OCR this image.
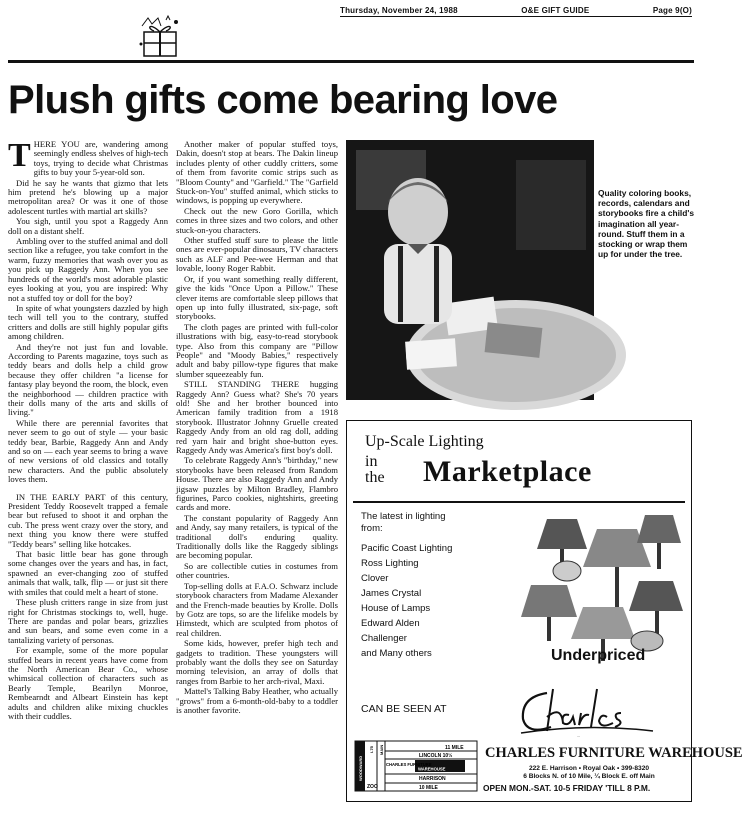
Thursday, November 24, 1988	O&E GIFT GUIDE	Page 9(O)
Plush gifts come bearing love
T HERE YOU are, wandering among seemingly endless shelves of high-tech toys, trying to decide what Christmas gifts to buy your 5-year-old son.

Did he say he wants that gizmo that lets him pretend he's blowing up a major metropolitan area? Or was it one of those adolescent turtles with martial art skills?

You sigh, until you spot a Raggedy Ann doll on a distant shelf.

Ambling over to the stuffed animal and doll section like a refugee, you take comfort in the warm, fuzzy memories that wash over you as you pick up Raggedy Ann. When you see hundreds of the world's most adorable plastic eyes looking at you, you are inspired: Why not a stuffed toy or doll for the boy?

In spite of what youngsters dazzled by high tech will tell you to the contrary, stuffed critters and dolls are still highly popular gifts among children.

And they're not just fun and lovable. According to Parents magazine, toys such as teddy bears and dolls help a child grow because they offer children "a license for fantasy play beyond the room, the block, even the neighborhood — children practice with their dolls many of the arts and skills of living."

While there are perennial favorites that never seem to go out of style — your basic teddy bear, Barbie, Raggedy Ann and Andy and so on — each year seems to bring a wave of new versions of old classics and totally new characters. And the public absolutely loves them.

IN THE EARLY PART of this century, President Teddy Roosevelt trapped a female bear but refused to shoot it and orphan the cub. The press went crazy over the story, and next thing you know there were stuffed "Teddy bears" selling like hotcakes.

That basic little bear has gone through some changes over the years and has, in fact, spawned an ever-changing zoo of stuffed animals that walk, talk, flip — or just sit there with smiles that could melt a heart of stone.

These plush critters range in size from just right for Christmas stockings to, well, huge. There are pandas and polar bears, grizzlies and sun bears, and some even come in a tantalizing variety of personas.

For example, some of the more popular stuffed bears in recent years have come from the North American Bear Co., whose whimsical collection of characters such as Bearly Temple, Bearilyn Monroe, Rembearndt and Albeart Einstein has kept adults and children alike mixing chuckles with their cuddles.

Another maker of popular stuffed toys, Dakin, doesn't stop at bears. The Dakin lineup includes plenty of other cuddly critters, some of them from favorite comic strips such as "Bloom County" and "Garfield." The "Garfield Stuck-on-You" stuffed animal, which sticks to windows, is popping up everywhere.

Check out the new Goro Gorilla, which comes in three sizes and two colors, and other stuck-on-you characters.

Other stuffed stuff sure to please the little ones are ever-popular dinosaurs, TV characters such as ALF and Pee-wee Herman and that lovable, loony Roger Rabbit.

Or, if you want something really different, give the kids "Once Upon a Pillow." These clever items are comfortable sleep pillows that open up into fully illustrated, six-page, soft storybooks.

The cloth pages are printed with full-color illustrations with big, easy-to-read storybook type. Also from this company are "Pillow People" and "Moody Babies," respectively adult and baby pillow-type figures that make slumber squeezeably fun.

STILL STANDING THERE hugging Raggedy Ann? Guess what? She's 70 years old! She and her brother bounced into American family tradition from a 1918 storybook. Illustrator Johnny Gruelle created Raggedy Andy from an old rag doll, adding red yarn hair and bright shoe-button eyes. Raggedy Andy was America's first boy's doll.

To celebrate Raggedy Ann's "birthday," new storybooks have been released from Random House. There are also Raggedy Ann and Andy jigsaw puzzles by Milton Bradley, Flambro figurines, Parco cookies, nightshirts, greeting cards and more.

The constant popularity of Raggedy Ann and Andy, say many retailers, is typical of the traditional doll's enduring quality. Traditionally dolls like the Raggedy siblings are becoming popular.

So are collectible cuties in costumes from other countries.

Top-selling dolls at F.A.O. Schwarz include storybook characters from Madame Alexander and the French-made beauties by Krolle. Dolls by Gotz are tops, so are the lifelike models by Himstedt, which are sculpted from photos of real children.

Some kids, however, prefer high tech and gadgets to tradition. These youngsters will probably want the dolls they see on Saturday morning television, an array of dolls that ranges from Barbie to her arch-rival, Maxi.

Mattel's Talking Baby Heather, who actually "grows" from a 6-month-old-baby to a toddler is another favorite.

Quality coloring books, records, calendars and storybooks fire a child's imagination all year-round. Stuff them in a stocking or wrap them up for under the tree.
Up-Scale Lighting
in
the Marketplace
The latest in lighting from:
Pacific Coast Lighting
Ross Lighting
Clover
James Crystal
House of Lamps
Edward Alden
Challenger
and Many others	Underpriced
CAN BE SEEN AT
Charles
11 MILE
LINCOLN 10½
CHARLES FURNITURE
WAREHOUSE
HARRISON
10 MILE
MAIN
WOODWARD
I-75
ZOO
CHARLES FURNITURE WAREHOUSE
222 E. Harrison • Royal Oak • 399-8320
6 Blocks N. of 10 Mile, ¼ Block E. off Main
OPEN MON.-SAT. 10-5 FRIDAY 'TILL 8 P.M.
